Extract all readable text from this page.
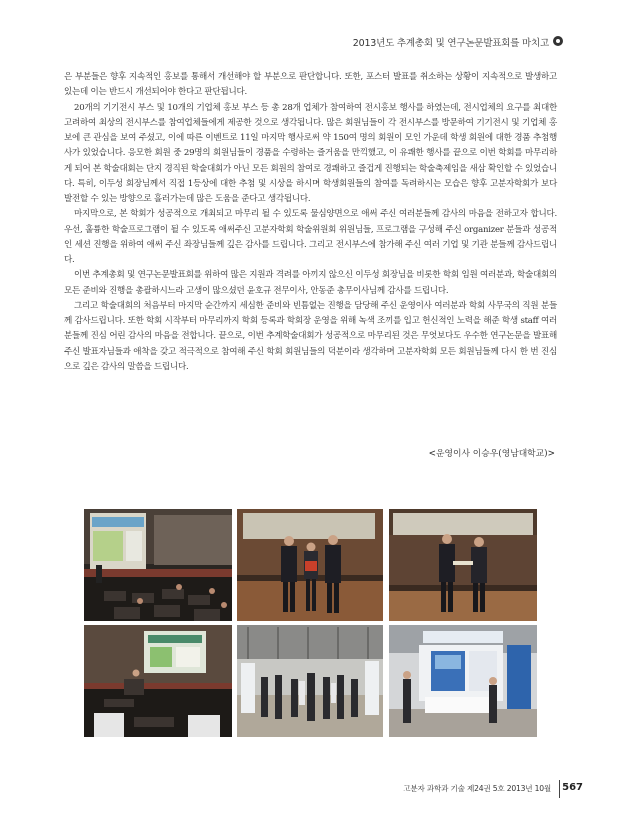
2013년도 추계총회 및 연구논문발표회를 마치고

은 부분들은 향후 지속적인 홍보를 통해서 개선해야 할 부분으로 판단합니다. 또한, 포스터 발표를 취소하는 상황이 지속적으로 발생하고 있는데 이는 반드시 개선되어야 한다고 판단됩니다.

20개의 기기전시 부스 및 10개의 기업체 홍보 부스 등 총 28개 업체가 참여하여 전시홍보 행사를 하였는데, 전시업체의 요구를 최대한 고려하여 최상의 전시부스를 참여업체들에게 제공한 것으로 생각됩니다. 많은 회원님들이 각 전시부스를 방문하여 기기전시 및 기업체 홍보에 큰 관심을 보여 주셨고, 이에 따른 이벤트로 11일 마지막 행사로써 약 150여 명의 회원이 모인 가운데 학생 회원에 대한 경품 추첨행사가 있었습니다. 응모한 회원 중 29명의 회원님들이 경품을 수령하는 즐거움을 만끽했고, 이 유쾌한 행사를 끝으로 이번 학회를 마무리하게 되어 본 학술대회는 단지 경직된 학술대회가 아닌 모든 회원의 참여로 경쾌하고 즐겁게 진행되는 학술축제임을 새삼 확인할 수 있었습니다. 특히, 이두성 회장님께서 직접 1등상에 대한 추첨 및 시상을 하시며 학생회원들의 참여를 독려하시는 모습은 향후 고분자학회가 보다 발전할 수 있는 방향으로 흘러가는데 많은 도움을 준다고 생각됩니다.

마지막으로, 본 학회가 성공적으로 개최되고 마무리 될 수 있도록 물심양면으로 애써 주신 여러분들께 감사의 마음을 전하고자 합니다. 우선, 훌륭한 학술프로그램이 될 수 있도록 애써주신 고분자학회 학술위원회 위원님들, 프로그램을 구성해 주신 organizer 분들과 성공적인 세션 진행을 위하여 애써 주신 좌장님들께 깊은 감사를 드립니다. 그리고 전시부스에 참가해 주신 여러 기업 및 기관 분들께 감사드립니다.

이번 추계총회 및 연구논문발표회를 위하여 많은 지원과 격려를 아끼지 않으신 이두성 회장님을 비롯한 학회 임원 여러분과, 학술대회의 모든 준비와 진행을 총괄하시느라 고생이 많으셨던 윤호규 전무이사, 안동준 총무이사님께 감사를 드립니다.

그리고 학술대회의 처음부터 마지막 순간까지 세심한 준비와 빈틈없는 진행을 담당해 주신 운영이사 여러분과 학회 사무국의 직원 분들께 감사드립니다. 또한 학회 시작부터 마무리까지 학회 등록과 학회장 운영을 위해 녹색 조끼를 입고 헌신적인 노력을 해준 학생 staff 여러분들께 진심 어린 감사의 마음을 전합니다. 끝으로, 이번 추계학술대회가 성공적으로 마무리된 것은 무엇보다도 우수한 연구논문을 발표해 주신 발표자님들과 애착을 갖고 적극적으로 참여해 주신 학회 회원님들의 덕분이라 생각하며 고분자학회 모든 회원님들께 다시 한 번 진심으로 깊은 감사의 말씀을 드립니다.

<운영이사 이승우(영남대학교)>
고분자 과학과 기술 제24권 5호 2013년 10월 567
